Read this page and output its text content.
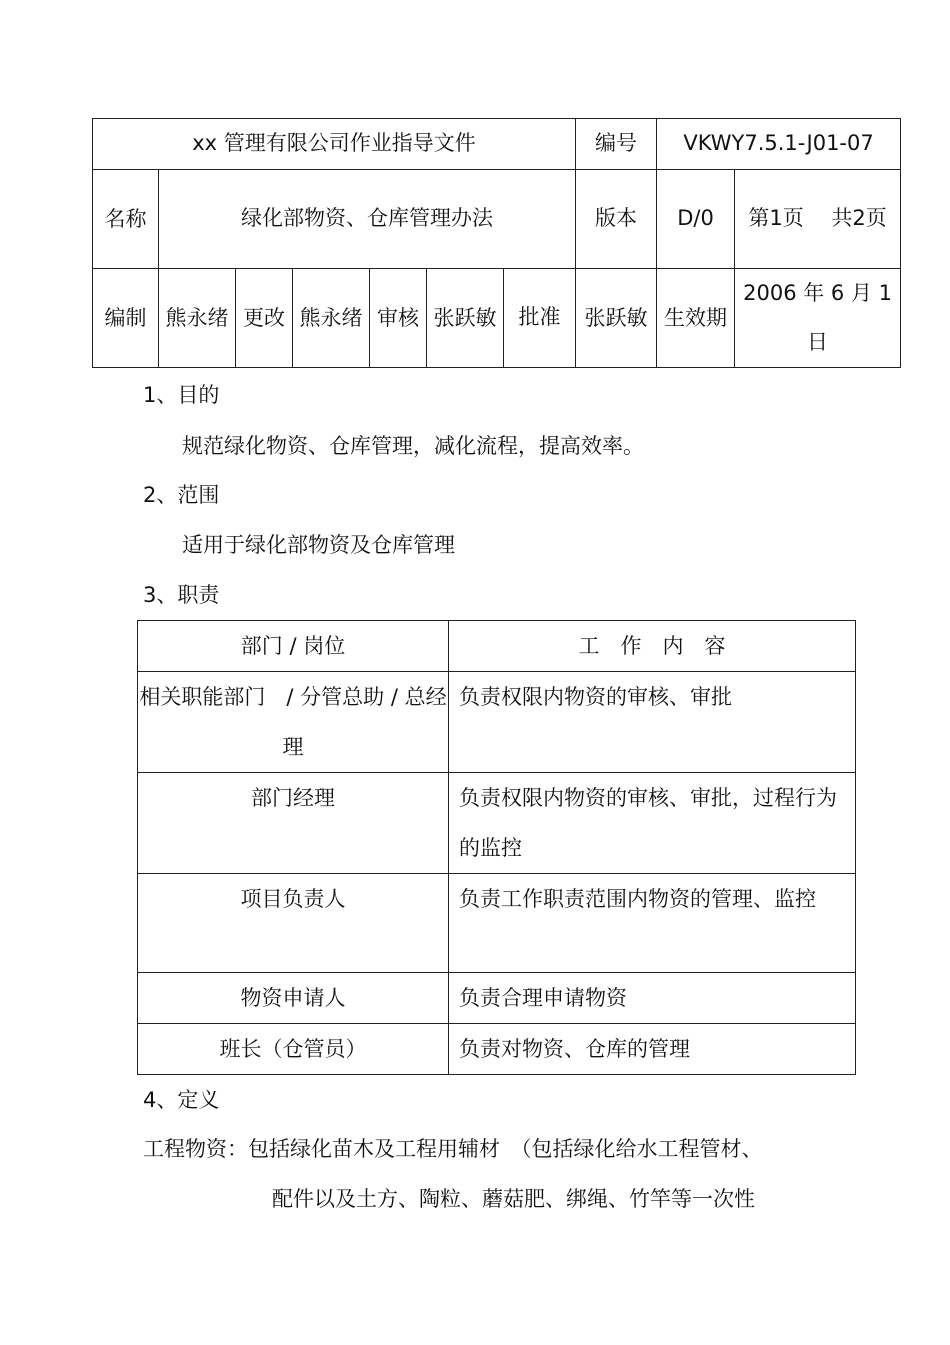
xx 管理有限公司作业指导文件							编号	VKWY7.5.1-J01-07	
名称	绿化部物资、仓库管理办法						版本	D/0	第1页　 共2页
编制	熊永绪	更改	熊永绪	审核	张跃敏	批准	张跃敏	生效期	2006 年 6 月 1 日
1、目的
规范绿化物资、仓库管理，减化流程，提高效率。
2、范围
适用于绿化部物资及仓库管理
3、职责
部门 / 岗位	工　作　内　容
相关职能部门　/ 分管总助 / 总经理	负责权限内物资的审核、审批
部门经理	负责权限内物资的审核、审批，过程行为的监控
项目负责人	负责工作职责范围内物资的管理、监控
物资申请人	负责合理申请物资
班长（仓管员）	负责对物资、仓库的管理
4、定义
工程物资：包括绿化苗木及工程用辅材　（包括绿化给水工程管材、
配件以及土方、陶粒、蘑菇肥、绑绳、竹竿等一次性
